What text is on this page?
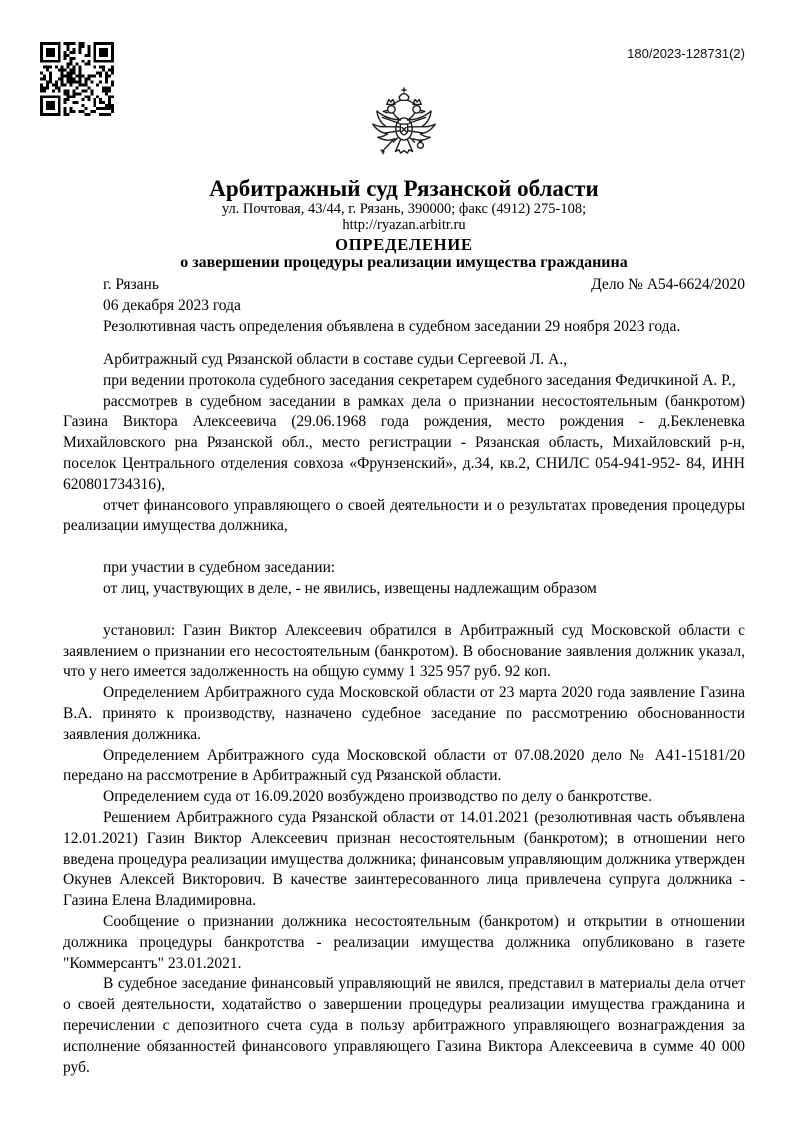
180/2023-128731(2)
Арбитражный суд Рязанской области
ул. Почтовая, 43/44, г. Рязань, 390000; факс (4912) 275-108;
http://ryazan.arbitr.ru
ОПРЕДЕЛЕНИЕ
о завершении процедуры реализации имущества гражданина
г. Рязань	Дело № А54-6624/2020
06 декабря 2023 года
Резолютивная часть определения объявлена в судебном заседании 29 ноября 2023 года.

Арбитражный суд Рязанской области в составе судьи Сергеевой Л. А.,

при ведении протокола судебного заседания секретарем судебного заседания Федичкиной А. Р.,

рассмотрев в судебном заседании в рамках дела о признании несостоятельным (банкротом) Газина Виктора Алексеевича (29.06.1968 года рождения, место рождения - д.Бекленевка Михайловского рна Рязанской обл., место регистрации - Рязанская область, Михайловский р-н, поселок Центрального отделения совхоза «Фрунзенский», д.34, кв.2, СНИЛС 054-941-952- 84, ИНН 620801734316),

отчет финансового управляющего о своей деятельности и о результатах проведения процедуры реализации имущества должника,

при участии в судебном заседании:

от лиц, участвующих в деле, - не явились, извещены надлежащим образом

установил: Газин Виктор Алексеевич обратился в Арбитражный суд Московской области с заявлением о признании его несостоятельным (банкротом). В обоснование заявления должник указал, что у него имеется задолженность на общую сумму 1 325 957 руб. 92 коп.

Определением Арбитражного суда Московской области от 23 марта 2020 года заявление Газина В.А. принято к производству, назначено судебное заседание по рассмотрению обоснованности заявления должника.

Определением Арбитражного суда Московской области от 07.08.2020 дело № А41-15181/20 передано на рассмотрение в Арбитражный суд Рязанской области.

Определением суда от 16.09.2020 возбуждено производство по делу о банкротстве.

Решением Арбитражного суда Рязанской области от 14.01.2021 (резолютивная часть объявлена 12.01.2021) Газин Виктор Алексеевич признан несостоятельным (банкротом); в отношении него введена процедура реализации имущества должника; финансовым управляющим должника утвержден Окунев Алексей Викторович. В качестве заинтересованного лица привлечена супруга должника - Газина Елена Владимировна.

Сообщение о признании должника несостоятельным (банкротом) и открытии в отношении должника процедуры банкротства - реализации имущества должника опубликовано в газете "Коммерсантъ" 23.01.2021.

В судебное заседание финансовый управляющий не явился, представил в материалы дела отчет о своей деятельности, ходатайство о завершении процедуры реализации имущества гражданина и перечислении с депозитного счета суда в пользу арбитражного управляющего вознаграждения за исполнение обязанностей финансового управляющего Газина Виктора Алексеевича в сумме 40 000 руб.
